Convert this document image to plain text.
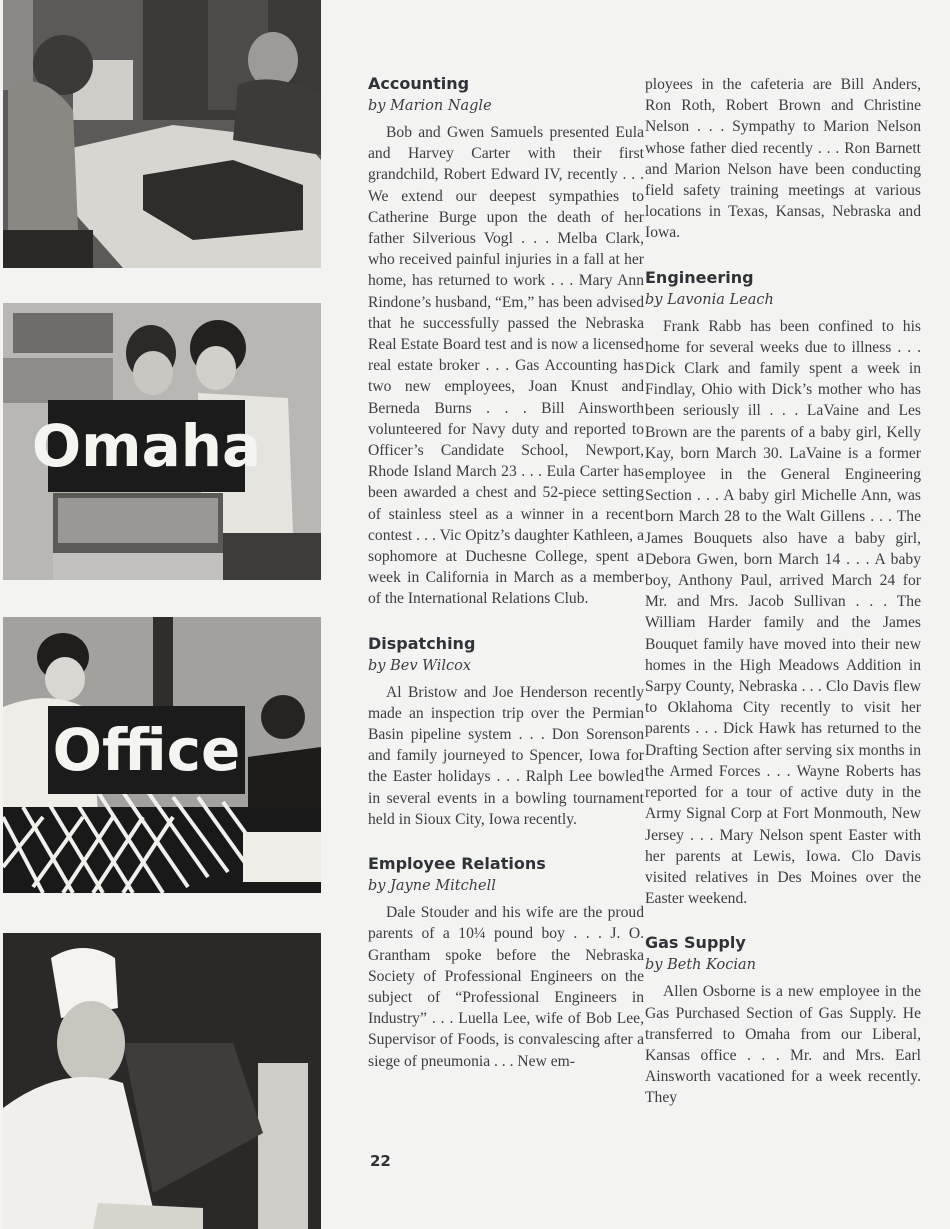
Omaha
Office
Accounting
by Marion Nagle

Bob and Gwen Samuels presented Eula and Harvey Carter with their first grandchild, Robert Edward IV, recently . . . We extend our deepest sympathies to Catherine Burge upon the death of her father Silverious Vogl . . . Melba Clark, who received painful injuries in a fall at her home, has returned to work . . . Mary Ann Rindone’s husband, “Em,” has been advised that he successfully passed the Nebraska Real Estate Board test and is now a licensed real estate broker . . . Gas Accounting has two new employees, Joan Knust and Berneda Burns . . . Bill Ainsworth volunteered for Navy duty and reported to Officer’s Candidate School, Newport, Rhode Island March 23 . . . Eula Carter has been awarded a chest and 52-piece setting of stainless steel as a winner in a recent contest . . . Vic Opitz’s daughter Kathleen, a sophomore at Duchesne College, spent a week in California in March as a member of the International Relations Club.

Dispatching
by Bev Wilcox

Al Bristow and Joe Henderson recently made an inspection trip over the Permian Basin pipeline system . . . Don Sorenson and family journeyed to Spencer, Iowa for the Easter holidays . . . Ralph Lee bowled in several events in a bowling tournament held in Sioux City, Iowa recently.

Employee Relations
by Jayne Mitchell

Dale Stouder and his wife are the proud parents of a 10¼ pound boy . . . J. O. Grantham spoke before the Nebraska Society of Professional Engineers on the subject of “Professional Engineers in Industry” . . . Luella Lee, wife of Bob Lee, Supervisor of Foods, is convalescing after a siege of pneumonia . . . New em-

ployees in the cafeteria are Bill Anders, Ron Roth, Robert Brown and Christine Nelson . . . Sympathy to Marion Nelson whose father died recently . . . Ron Barnett and Marion Nelson have been conducting field safety training meetings at various locations in Texas, Kansas, Nebraska and Iowa.

Engineering
by Lavonia Leach

Frank Rabb has been confined to his home for several weeks due to illness . . . Dick Clark and family spent a week in Findlay, Ohio with Dick’s mother who has been seriously ill . . . LaVaine and Les Brown are the parents of a baby girl, Kelly Kay, born March 30. LaVaine is a former employee in the General Engineering Section . . . A baby girl Michelle Ann, was born March 28 to the Walt Gillens . . . The James Bouquets also have a baby girl, Debora Gwen, born March 14 . . . A baby boy, Anthony Paul, arrived March 24 for Mr. and Mrs. Jacob Sullivan . . . The William Harder family and the James Bouquet family have moved into their new homes in the High Meadows Addition in Sarpy County, Nebraska . . . Clo Davis flew to Oklahoma City recently to visit her parents . . . Dick Hawk has returned to the Drafting Section after serving six months in the Armed Forces . . . Wayne Roberts has reported for a tour of active duty in the Army Signal Corp at Fort Monmouth, New Jersey . . . Mary Nelson spent Easter with her parents at Lewis, Iowa. Clo Davis visited relatives in Des Moines over the Easter weekend.

Gas Supply
by Beth Kocian

Allen Osborne is a new employee in the Gas Purchased Section of Gas Supply. He transferred to Omaha from our Liberal, Kansas office . . . Mr. and Mrs. Earl Ainsworth vacationed for a week recently. They

22
